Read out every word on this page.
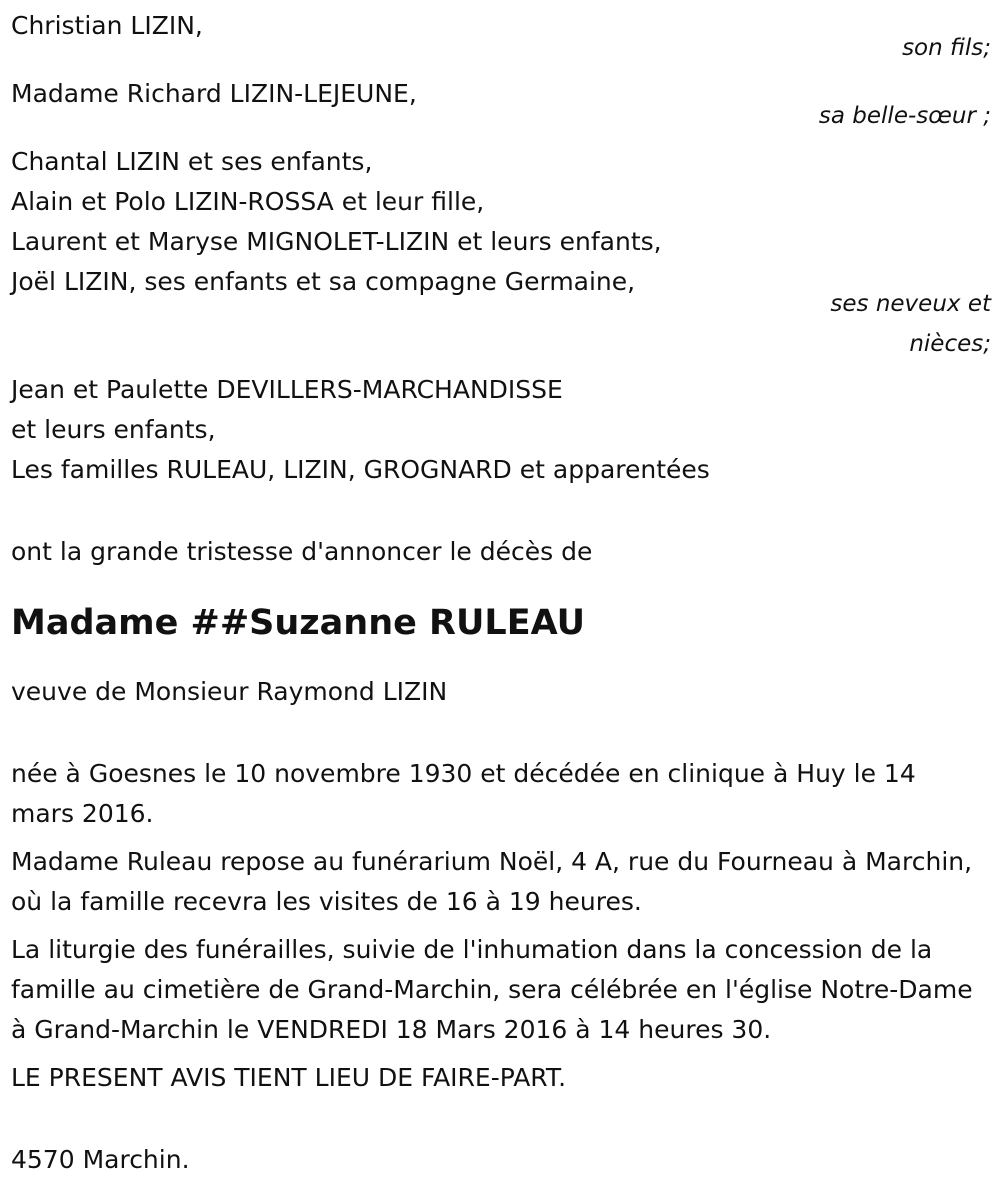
Christian LIZIN,
son fils;
Madame Richard LIZIN-LEJEUNE,
sa belle-sœur ;
Chantal LIZIN et ses enfants,
Alain et Polo LIZIN-ROSSA et leur fille,
Laurent et Maryse MIGNOLET-LIZIN et leurs enfants,
Joël LIZIN, ses enfants et sa compagne Germaine,
ses neveux et
nièces;
Jean et Paulette DEVILLERS-MARCHANDISSE
et leurs enfants,
Les familles RULEAU, LIZIN, GROGNARD et apparentées
ont la grande tristesse d'annoncer le décès de
Madame ##Suzanne RULEAU
veuve de Monsieur Raymond LIZIN
née à Goesnes le 10 novembre 1930 et décédée en clinique à Huy le 14 mars 2016.
Madame Ruleau repose au funérarium Noël, 4 A, rue du Fourneau à Marchin, où la famille recevra les visites de 16 à 19 heures.
La liturgie des funérailles, suivie de l'inhumation dans la concession de la famille au cimetière de Grand-Marchin, sera célébrée en l'église Notre-Dame à Grand-Marchin le VENDREDI 18 Mars 2016 à 14 heures 30.
LE PRESENT AVIS TIENT LIEU DE FAIRE-PART.
4570 Marchin.
